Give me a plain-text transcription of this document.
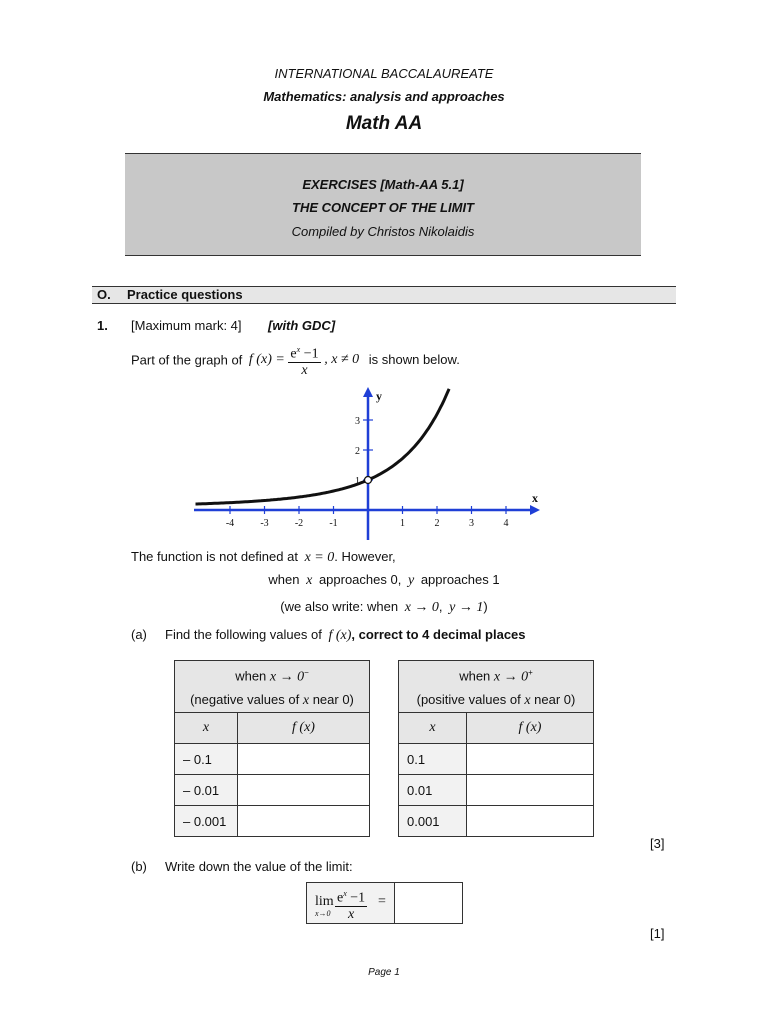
INTERNATIONAL BACCALAUREATE
Mathematics: analysis and approaches
Math AA
EXERCISES [Math-AA 5.1]
THE CONCEPT OF THE LIMIT
Compiled by Christos Nikolaidis
O. Practice questions
1. [Maximum mark: 4] [with GDC]
Part of the graph of f $(x) = \frac{e^x -1}{x}$ , x ≠ 0 is shown below.
-4	-3	-2	-1	1	2	3	4
1
2
3
x
y
The function is not defined at x = 0. However,
when x approaches 0, y approaches 1
(we also write: when x → 0, y → 1)
(a) Find the following values of f (x), correct to 4 decimal places
when x → 0−
(negative values of x near 0)	
x	f (x)
– 0.1	
– 0.01	
– 0.001	
when x → 0+
(positive values of x near 0)	
x	f (x)
0.1	
0.01	
0.001	
[3]
(b) Write down the value of the limit:
lim
$x\to 0 \frac{e^x -1}{x}$ =
[1]
Page 1
